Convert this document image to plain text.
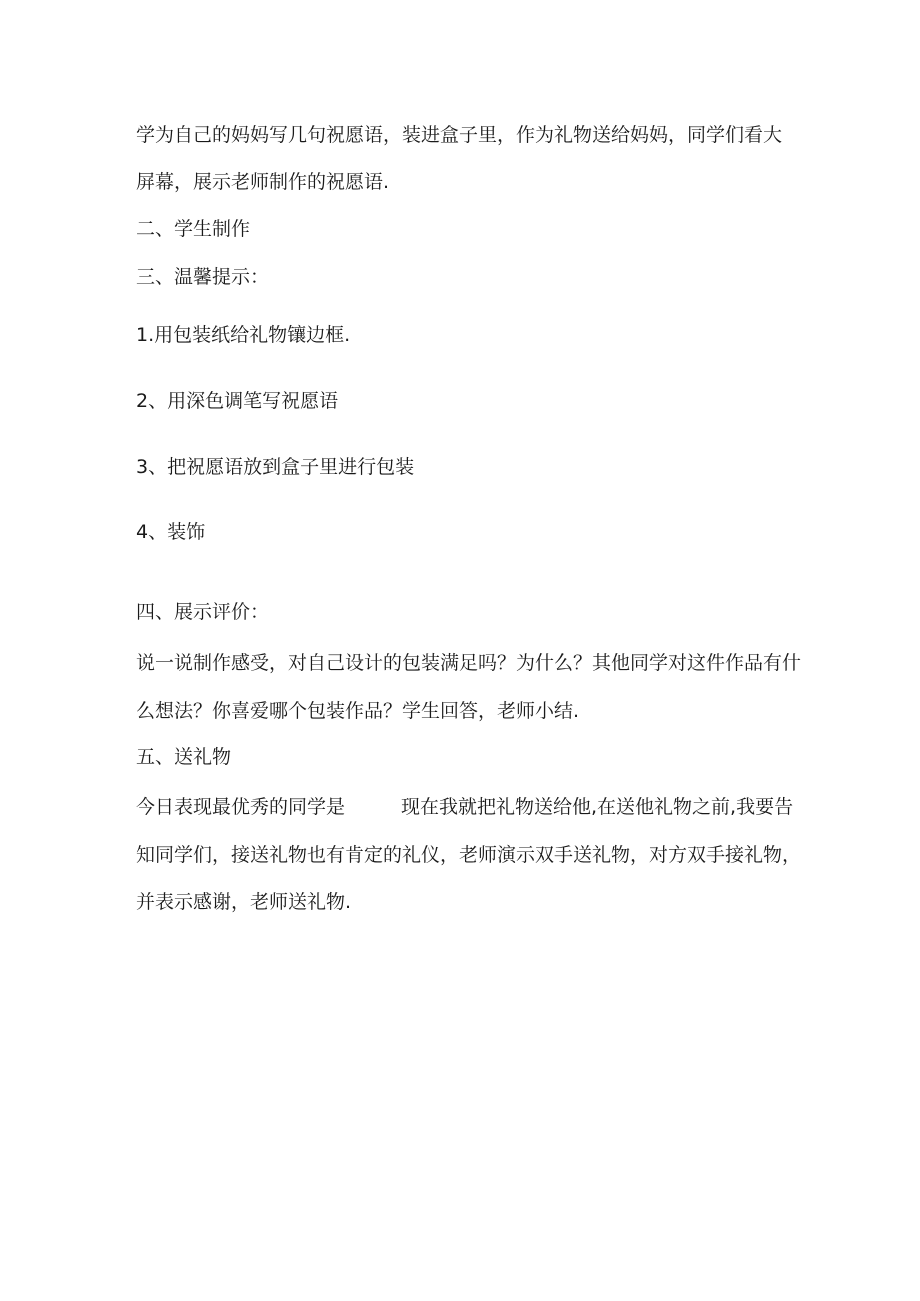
学为自己的妈妈写几句祝愿语，装进盒子里，作为礼物送给妈妈，同学们看大
屏幕，展示老师制作的祝愿语.
二、学生制作
三、温馨提示：
1.用包装纸给礼物镶边框.
2、用深色调笔写祝愿语
3、把祝愿语放到盒子里进行包装
4、装饰
四、展示评价：
说一说制作感受，对自己设计的包装满足吗？为什么？其他同学对这件作品有什
么想法？你喜爱哪个包装作品？学生回答，老师小结.
五、送礼物
今日表现最优秀的同学是	现在我就把礼物送给他,在送他礼物之前,我要告
知同学们，接送礼物也有肯定的礼仪，老师演示双手送礼物，对方双手接礼物，
并表示感谢，老师送礼物.
